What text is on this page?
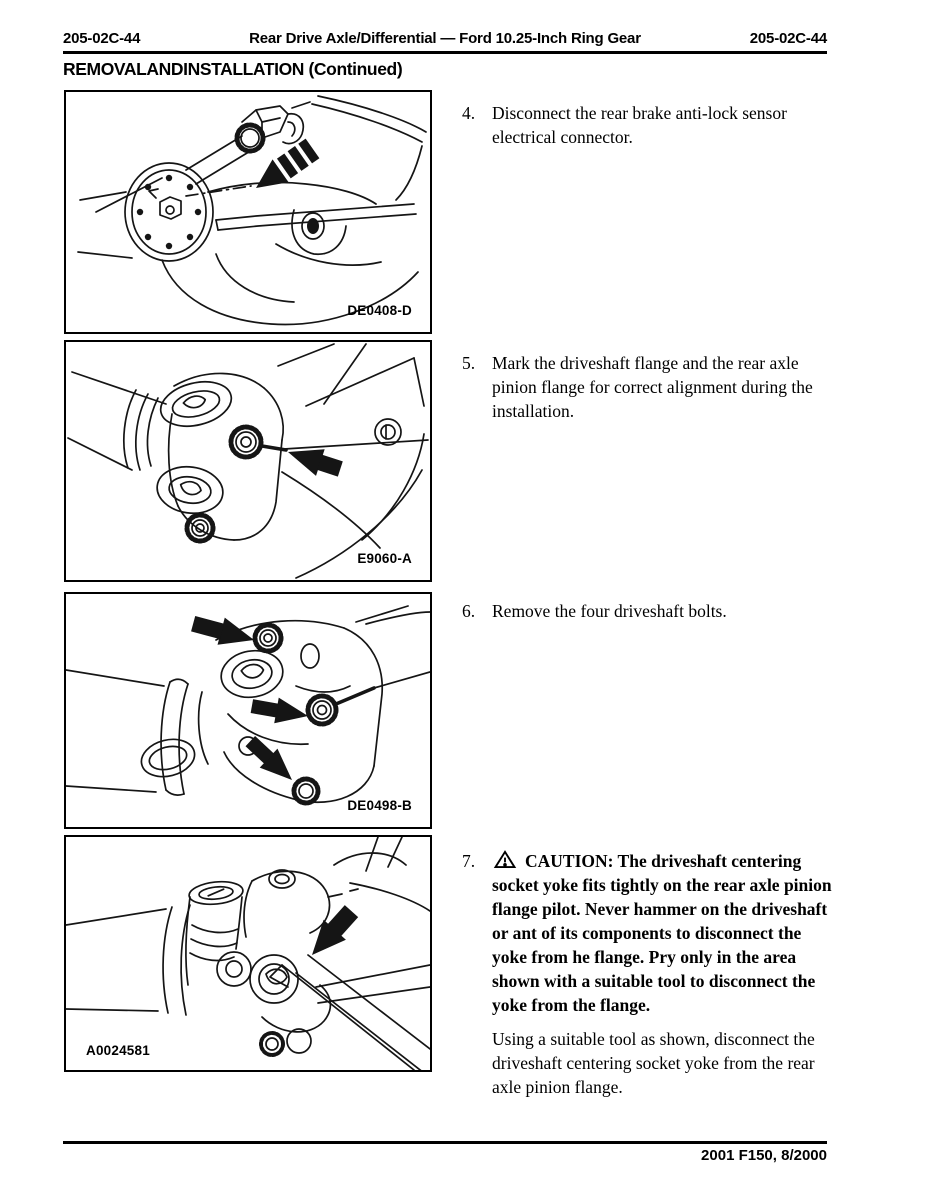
205-02C-44	Rear Drive Axle/Differential — Ford 10.25-Inch Ring Gear	205-02C-44
REMOVALANDINSTALLATION (Continued)
DE0408-D
E9060-A
DE0498-B
A0024581
4. Disconnect the rear brake anti-lock sensor electrical connector.

5. Mark the driveshaft flange and the rear axle pinion flange for correct alignment during the installation.

6. Remove the four driveshaft bolts.

7.	CAUTION: The driveshaft centering socket yoke fits tightly on the rear axle pinion flange pilot. Never hammer on the driveshaft or ant of its components to disconnect the yoke from he flange. Pry only in the area shown with a suitable tool to disconnect the yoke from the flange.

Using a suitable tool as shown, disconnect the driveshaft centering socket yoke from the rear axle pinion flange.

2001 F150, 8/2000
